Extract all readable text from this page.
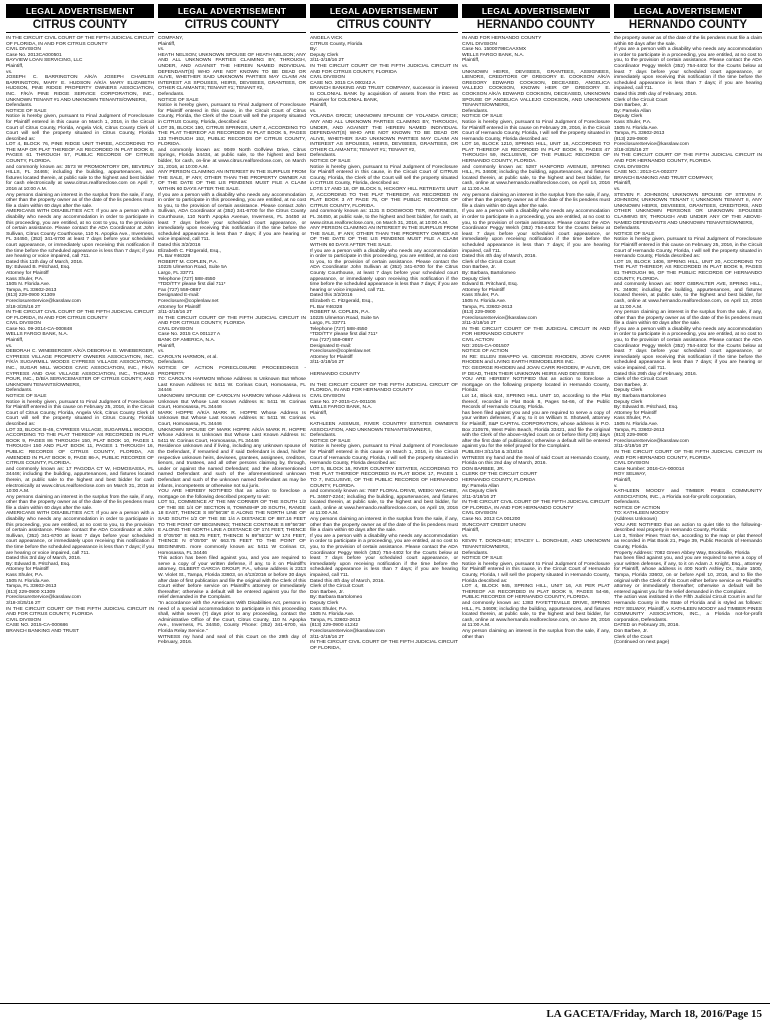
LEGAL ADVERTISEMENT
CITRUS COUNTY
IN THE CIRCUIT CIVIL COURT OF THE FIFTH JUDICIAL CIRCUIT OF FLORIDA, IN AND FOR CITRUS COUNTY
CIVIL DIVISION
Case No. 2013CA000501
BAYVIEW LOAN SERVICING, LLC
Plaintiff,
vs.
JOSEPH C. BARRINGTON A/K/A JOSEPH CHARLES BARRINGTON, MARY E. HUDSON A/K/A MARY ELIZABETH HUDSON, PINE RIDGE PROPERTY OWNERS ASSOCIATION, INC. F/K/A PINE RIDGE SERVICE CORPORATION, INC., UNKNOWN TENANT #1 AND UNKNOWN TENANTS/OWNERS,
Defendants.
NOTICE OF SALE
Notice is hereby given, pursuant to Final Judgment of Foreclosure for Plaintiff entered in this cause on March 1, 2016, in the Circuit Court of Citrus County, Florida, Angela Vick, Citrus County Clerk of Court will sell the property situated in Citrus County, Florida described as:
LOT 4, BLOCK 76, PINE RIDGE UNIT THREE, ACCORDING TO THE MAP OR PLAT THEREOF AS RECORDED IN PLAT BOOK 8, PAGES 61 THROUGH 57, PUBLIC RECORDS OF CITRUS COUNTY, FLORIDA.
and commonly known as: 3573 W PROMONTORY DR, BEVERLY HILLS, FL 34465; including the building, appurtenances, and fixtures located therein, at public sale to the highest and best bidder for cash electronically at www.citrus.realforeclose.com on April 7, 2016 at 10:00 A.M.
Any persons claiming an interest in the surplus from the sale, if any, other than the property owner as of the date of the lis pendens must file a claim within 60 days after the sale.
AMERICANS WITH DISABILITIES ACT. If you are a person with a disability who needs any accommodation in order to participate in this proceeding, you are entitled, at no cost to you, to the provision of certain assistance. Please contact the ADA Coordinator at John Sullivan, Citrus County Courthouse, 110 N. Apopka Ave., Inverness, FL 34450, (352) 341-6700 at least 7 days before your scheduled court appearance, or immediately upon receiving this notification if the time before the scheduled appearance is less than 7 days; if you are hearing or voice impaired, call 711.
Dated this 11th day of March, 2016.
By: Edward B. Pritchard, Esq.
Attorney for Plaintiff
Kass Shuler, P.A.
1505 N. Florida Ave.
Tampa, FL 33602-2613
(813) 229-0900 X1309
ForeclosureService@kasslaw.com
3/18-3/25/16 2T
IN THE CIRCUIT CIVIL COURT OF THE FIFTH JUDICIAL CIRCUIT OF FLORIDA, IN AND FOR CITRUS COUNTY
CIVIL DIVISION
Case No. 09-2014-CA-000848
WELLS FARGO BANK, N.A.
Plaintiff,
vs.
DEBORAH C. WINEBERGER A/K/A DEBORAH E. WINEBERGER, CYPRESS VILLAGE PROPERTY OWNERS ASSOCIATION, INC. F/K/A SUGARMILL WOODS CYPRESS VILLAGE ASSOCIATION, INC., SUGAR MILL WOODS CIVIC ASSOCIATION, INC., F/K/A CYPRESS AND OAK VILLAGE ASSOCIATION, INC., THOMAS POUR, INC., D/B/A SERVICEMASTER OF CITRUS COUNTY, AND UNKNOWN TENANTS/OWNERS,
Defendants.
NOTICE OF SALE
Notice is hereby given, pursuant to Final Judgment of Foreclosure for Plaintiff entered in this cause on February 25, 2016, in the Circuit Court of Citrus County, Florida, Angela Vick, Citrus County Clerk of Court will sell the property situated in Citrus County, Florida described as:
LOT 33, BLOCK B-46, CYPRESS VILLAGE, SUGARMILL WOODS, ACCORDING TO THE PLAT THEREOF AS RECORDED IN PLAT BOOK 9, PAGES 86 THROUGH 150, PLAT BOOK 10, PAGES 1 THROUGH 150 AND PLAT BOOK 11, PAGES 1 THROUGH 16, PUBLIC RECORDS OF CITRUS COUNTY, FLORIDA, AS AMENDED IN PLAT BOOK 9, PAGE 86-A, PUBLIC RECORDS OF CITRUS COUNTY, FLORIDA.
and commonly known as: 17 PAGODA CT W, HOMOSASSA, FL 34446; including the building, appurtenances, and fixtures located therein, at public sale to the highest and best bidder for cash electronically at www.citrus.realforeclose.com on March 31, 2016 at 10:00 A.M.
Any persons claiming an interest in the surplus from the sale, if any, other than the property owner as of the date of the lis pendens must file a claim within 60 days after the sale.
AMERICANS WITH DISABILITIES ACT. If you are a person with a disability who needs any accommodation in order to participate in this proceeding, you are entitled, at no cost to you, to the provision of certain assistance. Please contact the ADA Coordinator at John Sullivan, (352) 341-6700 at least 7 days before your scheduled court appearance, or immediately upon receiving this notification if the time before the scheduled appearance is less than 7 days; if you are hearing or voice impaired, call 711.
Dated this 3rd day of March, 2016.
By: Edward B. Pritchard, Esq.
Attorney for Plaintiff
Kass Shuler, P.A.
1505 N. Florida Ave.
Tampa, FL 33602-2613
(813) 229-0900 X1309
ForeclosureService@kasslaw.com
3/18-3/25/16 2T
IN THE CIRCUIT COURT OF THE FIFTH JUDICIAL CIRCUIT IN AND FOR CITRUS COUNTY, FLORIDA
CIVIL DIVISION
CASE NO. 2015-CA-000686
BRANCH BANKING AND TRUST
LEGAL ADVERTISEMENT
CITRUS COUNTY
COMPANY,
Plaintiff,
vs.
HEATH NELSON; UNKNOWN SPOUSE OF HEATH NELSON; ANY AND ALL UNKNOWN PARTIES CLAIMING BY, THROUGH, UNDER, AND AGAINST THE HEREIN NAMED INDIVIDUAL DEFENDANT(S) WHO ARE NOT KNOWN TO BE DEAD OR ALIVE, WHETHER SAID UNKNOWN PARTIES MAY CLAIM AN INTEREST AS SPOUSES, HEIRS, DEVISEES, GRANTEES, OR OTHER CLAIMANTS; TENANT #1; TENANT #2,
Defendants.
NOTICE OF SALE
Notice is hereby given, pursuant to Final Judgment of Foreclosure for Plaintiff entered in this cause, in the Circuit Court of Citrus County, Florida, the Clerk of the Court will sell the property situated in CITRUS County, Florida, described as:
LOT 35, BLOCK 190, CITRUS SPRINGS, UNIT 4, ACCORDING TO THE PLAT THEREOF AS RECORDED IN PLAT BOOK 5, PAGES 133 THROUGH 152, PUBLIC RECORDS OF CITRUS COUNTY, FLORIDA.
and commonly known as: 9049 North Golfview Drive, Citrus Springs, Florida 34434, at public sale, to the highest and best bidder, for cash, on-line at www.citrus.realforeclose.com, on March 31, 2016, at 10:00 A.M.
ANY PERSON CLAIMING AN INTEREST IN THE SURPLUS FROM THE SALE, IF ANY, OTHER THAN THE PROPERTY OWNER AS OF THE DATE OF THE LIS PENDENS MUST FILE A CLAIM WITHIN 60 DAYS AFTER THE SALE.
If you are a person with a disability who needs any accommodation in order to participate in this proceeding, you are entitled, at no cost to you, to the provision of certain assistance. Please contact John Sullivan, ADA Coordinator at (352) 341-6700 for the Citrus County Courthouse, 110 North Apopka Avenue, Inverness, FL 34450 at least 7 days before your scheduled court appearance, or immediately upon receiving this notification if the time before the scheduled appearance is less than 7 days; if you are hearing or voice impaired, call 711.
Dated this 3/2/2016
Elizabeth C. Fitzgerald, Esq.,
FL Bar #46328
ROBERT M. COPLEN, P.A.
10225 Ulmerton Road, Suite 5A
Largo, FL 33771
Telephone (727) 588-4550
*TDD/TTY please first dial 711*
Fax (727) 559-0887
Designated E-mail:
Foreclosure@coplenlaw.net
Attorney for Plaintiff
3/11-3/18/16 2T
IN THE CIRCUIT COURT OF THE FIFTH JUDICIAL CIRCUIT IN AND FOR CITRUS COUNTY, FLORIDA
CIVIL DIVISION
Case No. 2015 CA 001127 A
BANK OF AMERICA, N.A.
Plaintiff,
vs.
CAROLYN HARMON, et al.
Defendants.
NOTICE OF ACTION FORECLOSURE PROCEEDINGS - PROPERTY
TO: CAROLYN HARMON Whose Address Is Unknown But Whose Last Known Address Is: 5411 W. Corinas Court, Homosassa, FL 34446
UNKNOWN SPOUSE OF CAROLYN HARMON Whose Address Is Unknown But Whose Last Known Address Is: 5411 W. Corinas Court, Homosassa, FL 34446
MARK HOPPE A/K/A MARK R. HOPPE Whose Address Is Unknown But Whose Last Known Address Is: 5411 W. Corinas Court, Homosassa, FL 34446
UNKNOWN SPOUSE OF MARK HOPPE A/K/A MARK R. HOPPE Whose Address Is Unknown But Whose Last Known Address Is: 5411 W. Corinas Court, Homosassa, FL 34446
Residence unknown and if living, including any unknown spouse of the Defendant, if remarried and if said Defendant is dead, his/her respective unknown heirs, devisees, grantees, assignees, creditors, lienors, and trustees, and all other persons claiming by, through, under or against the named Defendant; and the aforementioned named Defendant and such of the aforementioned unknown Defendant and such of the unknown named Defendant as may be infants, incompetents or otherwise not sui juris.
YOU ARE HEREBY NOTIFIED that an action to foreclose a mortgage on the following described property to wit:
LOT 51, COMMENCE AT THE NW CORNER OF THE SOUTH 1/2 OF THE SE 1/4 OF SECTION 8, TOWNSHIP 20 SOUTH, RANGE 18 EAST, THENCE S 89°56'36" E ALONG THE NORTH LINE OF SAID SOUTH 1/2 OF THE SE 1/4 A DISTANCE OF 887.16 FEET TO THE POINT OF BEGINNING; THENCE CONTINUE S 89°56'36" E ALONG THE NORTH LINE A DISTANCE OF 174 FEET, THENCE S 0°05'00" E 663.75 FEET, THENCE N 89°55'22" W 174 FEET, THENCE N 0°05'00" W 663.75 FEET TO THE POINT OF BEGINNING. more commonly known as: 5411 W Corinas Ct, Homosassa, FL 34446
This action has been filed against you, and you are required to serve a copy of your written defense, if any, to it on Plaintiff's attorney, GILBERT GARCIA GROUP, P.A., whose address is 2313 W. Violet St., Tampa, Florida 33603, on 4/13/2016 or before 30 days after date of first publication and file the original with the Clerk of this Court either before service on Plaintiff's attorney or immediately thereafter; otherwise a default will be entered against you for the relief demanded in the Complaint.
"In accordance with the Americans With Disabilities Act, persons in need of a special accommodation to participate in this proceeding shall, within seven (7) days prior to any proceeding, contact the Administrative Office of the Court, Citrus County, 110 N. Apopka Ave., Inverness, FL 34450, County Phone: (352) 341-6700, via Florida Relay Service."
WITNESS my hand and seal of this Court on the 29th day of February, 2016.
LEGAL ADVERTISEMENT
CITRUS COUNTY
ANGELA VICK
CITRUS County, Florida
By:
Deputy Clerk
3/11-3/18/16 2T
IN THE CIRCUIT COURT OF THE FIFTH JUDICIAL CIRCUIT IN AND FOR CITRUS COUNTY, FLORIDA
CIVIL DIVISION
CASE NO. 2015 CA 000242 A
BRANCH BANKING AND TRUST COMPANY, successor in interest to COLONIAL BANK by acquisition of assets from the FDIC as Receiver for COLONIAL BANK,
Plaintiff,
vs.
YOLANDA GRICE; UNKNOWN SPOUSE OF YOLANDA GRICE; ANY AND ALL UNKNOWN PARTIES CLAIMING BY, THROUGH, UNDER, AND AGAINST THE HEREIN NAMED INDIVIDUAL DEFENDANT(S) WHO ARE NOT KNOWN TO BE DEAD OR ALIVE, WHETHER SAID UNKNOWN PARTIES MAY CLAIM AN INTEREST AS SPOUSES, HEIRS, DEVISEES, GRANTEES, OR OTHER CLAIMANTS; TENANT #1; TENANT #2,
Defendants.
NOTICE OF SALE
Notice is hereby given, pursuant to Final Judgment of Foreclosure for Plaintiff entered in this cause, in the Circuit Court of CITRUS County, Florida, the Clerk of the Court will sell the property situated in CITRUS County, Florida, described as:
LOTS 17 AND 18, OF BLOCK 5, HICKORY HILL RETREATS UNIT 2, ACCORDING TO THE PLAT THEREOF, AS RECORDED IN PLAT BOOK 3 AT PAGE 75, OF THE PUBLIC RECORDS OF CITRUS COUNTY, FLORIDA.
and commonly known as: 1131 S DOGWOOD TER, INVERNESS, FL 34450, at public sale, to the highest and best bidder, for cash, at www.citrus.realforeclose.com, on March 31, 2016, at 10:00 A.M.
ANY PERSON CLAIMING AN INTEREST IN THE SURPLUS FROM THE SALE, IF ANY, OTHER THAN THE PROPERTY OWNER AS OF THE DATE OF THE LIS PENDENS MUST FILE A CLAIM WITHIN 60 DAYS AFTER THE SALE.
If you are a person with a disability who needs any accommodation in order to participate in this proceeding, you are entitled, at no cost to you, to the provision of certain assistance. Please contact the ADA Coordinator John Sullivan at (352) 341-6700 for the Citrus County Courthouse, at least 7 days before your scheduled court appearance, or immediately upon receiving this notification if the time before the scheduled appearance is less than 7 days; if you are hearing or voice impaired, call 711.
Dated this 3/2/2016
Elizabeth C. Fitzgerald, Esq.,
FL Bar #46328
ROBERT M. COPLEN, P.A.
10225 Ulmerton Road, Suite 5A
Largo, FL 33771
Telephone (727) 588-4550
*TDD/TTY please first dial 711*
Fax (727) 559-0887
Designated E-mail:
Foreclosure@coplenlaw.net
Attorney for Plaintiff
3/11-3/18/16 2T

HERNANDO COUNTY

IN THE CIRCUIT COURT OF THE FIFTH JUDICIAL CIRCUIT OF FLORIDA, IN AND FOR HERNANDO COUNTY
CIVIL DIVISION
Case No. 27-2015-CA-001106
WELLS FARGO BANK, N.A.
Plaintiff,
vs.
KATHLEEN ASSMUS, RIVER COUNTRY ESTATES OWNER'S ASSOCIATION, AND UNKNOWN TENANTS/OWNERS,
Defendants.
NOTICE OF SALE
Notice is hereby given, pursuant to Final Judgment of Foreclosure for Plaintiff entered in this cause on March 1, 2016, in the Circuit Court of Hernando County, Florida, I will sell the property situated in Hernando County, Florida described as:
LOT 5, BLOCK 16, RIVER COUNTRY ESTATES, ACCORDING TO THE PLAT THEREOF RECORDED IN PLAT BOOK 17, PAGES 1 TO 7, INCLUSIVE, OF THE PUBLIC RECORDS OF HERNANDO COUNTY, FLORIDA.
and commonly known as: 7687 FLORAL DRIVE, WEEKI WACHEE, FL 34607-2244; including the building, appurtenances, and fixtures located therein, at public sale, to the highest and best bidder, for cash, online at www.hernando.realforeclose.com, on April 19, 2016 at 11:00 A.M.
Any persons claiming an interest in the surplus from the sale, if any, other than the property owner as of the date of the lis pendens must file a claim within 60 days after the sale.
If you are a person with a disability who needs any accommodation in order to participate in a proceeding, you are entitled, at no cost to you, to the provision of certain assistance. Please contact the ADA Coordinator Peggy Welch (352) 754-4402 for the Courts below at least 7 days before your scheduled court appearance, or immediately upon receiving notification if the time before the scheduled appearance is less than 7 days; if you are hearing impaired, call 711.
Dated this 4th day of March, 2016.
Clerk of the Circuit Court
Don Barbee, Jr.
By: Barbara Bartolomeo
Deputy Clerk
Kass Shuler, P.A.
1505 N. Florida Ave.
Tampa, FL 33602-2613
(813) 229-0900 x1242
ForeclosureService@kasslaw.com
3/11-3/18/16 2T
IN THE CIRCUIT CIVIL COURT OF THE FIFTH JUDICIAL CIRCUIT OF FLORIDA,
LEGAL ADVERTISEMENT
HERNANDO COUNTY
IN AND FOR HERNANDO COUNTY
CIVIL DIVISION
Case No. 15000798CAAXMX
WELLS FARGO BANK, N.A.
Plaintiff,
vs.
UNKNOWN HEIRS, DEVISEES, GRANTEES, ASSIGNEES, LIENORS, CREDITORS OF GREGORY E. COOKSON A/K/A GREGORY EDWARD COOKSON, DECEASED, ANGELICA VALLEJO COOKSON, KNOWN HEIR OF GREGORY E. COOKSON A/K/A EDWARD COOKSON, DECEASED, UNKNOWN SPOUSE OF ANGELICA VALLEJO COOKSON, AND UNKNOWN TENANTS/OWNERS,
Defendants.
NOTICE OF SALE
Notice is hereby given, pursuant to Final Judgment of Foreclosure for Plaintiff entered in this cause on February 29, 2016, in the Circuit Court of Hernando County, Florida, I will sell the property situated in Hernando County, Florida described as:
LOT 16, BLOCK 1210, SPRING HILL, UNIT 18, ACCORDING TO PLAT THEREOF AS RECORDED IN PLAT BOOK 9, PAGES 47 THROUGH 59, INCLUSIVE, OF THE PUBLIC RECORDS OF HERNANDO COUNTY, FLORIDA.
and commonly known as: 5287 HANFORD AVENUE, SPRING HILL, FL 34608; including the building, appurtenances, and fixtures located therein, at public sale, to the highest and best bidder, for cash, online at www.hernando.realforeclose.com, on April 14, 2016 at 11:00 A.M.
Any persons claiming an interest in the surplus from the sale, if any, other than the property owner as of the date of the lis pendens must file a claim within 60 days after the sale.
If you are a person with a disability who needs any accommodation in order to participate in a proceeding, you are entitled, at no cost to you, to the provision of certain assistance. Please contact the ADA Coordinator Peggy Welch (352) 754-4402 for the Courts below at least 7 days before your scheduled court appearance, or immediately upon receiving notification if the time before the scheduled appearance is less than 7 days; if you are hearing impaired, call 711.
Dated this 4th day of March, 2016.
Clerk of the Circuit Court
Don Barbee, Jr.
By: Barbara, Bartolomeo
Deputy Clerk
Edward B. Pritchard, Esq.
Attorney for Plaintiff
Kass Shuler, P.A.
1505 N. Florida Ave.
Tampa, FL 33602-2613
(813) 229-0900
ForeclosureService@kasslaw.com
3/11-3/18/16 2T
IN THE CIRCUIT COURT OF THE JUDICIAL CIRCUIT IN AND FOR HERNANDO COUNTY
CIVIL ACTION
NO: 2015-CA-001507
NOTICE OF ACTION
IN RE: ELLEN SWAPPO vs. GEORGE RHODEN, JOAN CARR RHODEN and LIVING EARTH REMODELERS INC.
TO: GEORGE RHODEN and JOAN CARR RHODEN, IF ALIVE, OR IF DEAD, THEN THEIR UNKNOWN HEIRS AND DEVISEES
YOU ARE HEREBY NOTIFIED that an action to foreclose a mortgage on the following property located in Hernando County, Florida:
Lot 14, Block 624, SPRING HILL UNIT 10, according to the Plat thereof, recorded in Plat Book 8, Pages 54-66, of the Public Records of Hernando County, Florida.
has been filed against you and you are required to serve a copy of your written defenses, if any, to it on William S. Shotwell, attorney for Plaintiff, S&P CAPITAL CORPORATION, whose address is P.O. Box 210576, West Palm Beach, Florida 33421, and file the original with the Clerk of the above-styled court on or before thirty (30) days after the first date of publication; otherwise a default will be entered against you for the relief prayed for the Complaint.
PUBLISH 3/11/16 & 3/18/16
WITNESS my hand and the Seal of said Court at Hernando County, Florida on this 2nd day of March, 2016.
DON BARBEE, JR.
CLERK OF THE CIRCUIT COURT
HERNANDO COUNTY, FLORIDA
By: Pamela Allan
As Deputy Clerk
3/11-3/18/16 2T
IN THE CIRCUIT CIVIL COURT OF THE FIFTH JUDICIAL CIRCUIT OF FLORIDA, IN AND FOR HERNANDO COUNTY
CIVIL DIVISION
Case No. 2013 CA 001200
SUNCOAST CREDIT UNION
Plaintiff,
vs.
KEVIN T. DONOHUE; STACEY L. DONOHUE, AND UNKNOWN TENANTS/OWNERS,
Defendants.
NOTICE OF SALE
Notice is hereby given, pursuant to Final Judgment of Foreclosure for Plaintiff entered in this cause, in the Circuit Court of Hernando County, Florida, I will sell the property situated in Hernando County, Florida described as:
LOT 4, BLOCK 945, SPRING HILL, UNIT 16, AS PER PLAT THEREOF AS RECORDED IN PLAT BOOK 9, PAGES 54-66, PUBLIC RECORDS OF HERNANDO COUNTY, FLORIDA.
and commonly known as: 1383 FAYETTEVILLE DRIVE, SPRING HILL, FL 34609; including the building, appurtenances, and fixtures located therein, at public sale, to the highest and best bidder, for cash, online at www.hernando.realforeclose.com, on June 28, 2016 at 11:00 A.M.
Any person claiming an interest in the surplus from the sale, if any, other than
LEGAL ADVERTISEMENT
HERNANDO COUNTY
the property owner as of the date of the lis pendens must file a claim within 60 days after the sale.
If you are a person with a disability who needs any accommodation in order to participate in a proceeding, you are entitled, at no cost to you, to the provision of certain assistance. Please contact the ADA Coordinator Peggy Welch (352) 754-4402 for the Courts below at least 7 days before your scheduled court appearance, or immediately upon receiving this notification if the time before the scheduled appearance is less than 7 days; if you are hearing impaired, call 711.
Dated this 29th day of February, 2016.
Clerk of the Circuit Court
Don Barbee, Jr.
By: Pamela Allan
Deputy Clerk
Kass Shuler, P.A.
1505 N. Florida Ave.
Tampa, FL 33602-2613
(813) 229-0900
ForeclosureService@kasslaw.com
3/18-3/25/16 2T
IN THE CIRCUIT COURT OF THE FIFTH JUDICIAL CIRCUIT IN AND FOR HERNANDO COUNTY, FLORIDA
CIVIL DIVISION
CASE NO.: 2013-CA-002377
BRANCH BANKING AND TRUST COMPANY,
Plaintiff,
vs.
STEVEN F. JOHNSON; UNKNOWN SPOUSE OF STEVEN F. JOHNSON; UNKNOWN TENANT I; UNKNOWN TENANT II, ANY UNKNOWN HEIRS, DEVISEES, GRANTEES, CREDITORS, AND OTHER UNKNOWN PERSONS OR UNKNOWN SPOUSES CLAIMING BY, THROUGH AND UNDER ANY OF THE ABOVE-NAMED DEFENDANTS AND UNKNOWN TENANTS/OWNERS,
Defendants.
NOTICE OF SALE
Notice is hereby given, pursuant to Final Judgment of Foreclosure for Plaintiff entered in this cause on February 25, 2016, in the Circuit Court of Hernando County, Florida, I will sell the property situated in Hernando County, Florida described as:
LOT 19, BLOCK 1406, SPRING HILL, UNIT 20, ACCORDING TO THE PLAT THEREOF, AS RECORDED IN PLAT BOOK 9, PAGES 81 THROUGH 96, OF THE PUBLIC RECORDS OF HERNANDO COUNTY, FLORIDA.
and commonly known as: 9007 GIBRALTER AVE, SPRING HILL, FL 34608; including the building, appurtenances, and fixtures located therein, at public sale, to the highest and best bidder, for cash, online at www.hernando.realforeclose.com, on April 12, 2016 at 11:00 A.M.
Any person claiming an interest in the surplus from the sale, if any, other than the property owner as of the date of the lis pendens must file a claim within 60 days after the sale.
If you are a person with a disability who needs any accommodation in order to participate in a proceeding, you are entitled, at no cost to you, to the provision of certain assistance. Please contact the ADA Coordinator Peggy Welch (352) 754-4402 for the Courts below at least 7 days before your scheduled court appearance, or immediately upon receiving this notification if the time before the scheduled appearance is less than 7 days; if you are hearing or voice impaired, call 711.
Dated this 29th day of February, 2016.
Clerk of the Circuit Court
Don Barbee, Jr.
Deputy Clerk
By: Barbara Bartolomeo
Deputy Clerk
By: Edward B. Pritchard, Esq.
Attorney for Plaintiff
Kass Shuler, P.A.
1505 N. Florida Ave.
Tampa, FL 33602-2613
(813) 229-0900
ForeclosureService@kasslaw.com
3/11-3/18/16 2T
IN THE CIRCUIT COURT OF THE FIFTH JUDICIAL CIRCUIT IN AND FOR HERNANDO COUNTY, FLORIDA
CIVIL DIVISION
Case Number: 2016-CA-000014
ROY SELWAY,
Plaintiff,
v.
KATHLEEN MOODY and TIMBER PINES COMMUNITY ASSOCIATION, INC., a Florida not-for-profit corporation,
Defendants.
NOTICE OF ACTION
TO: KATHLEEN MOODY
(Address Unknown)
YOU ARE NOTIFIED that an action to quiet title to the following-described real property in Hernando County, Florida:
Lot 3, Timber Pines Tract 6A, according to the map or plat thereof as recorded in Plat Book 21, Page 39, Public Records of Hernando County, Florida.
Property Address: 7082 Green Abbey Way, Brooksville, Florida
has been filed against you, and you are required to serve a copy of your written defenses, if any, to it on Adam J. Knight, Esq., attorney for Plaintiff, whose address is 400 North Ashley Dr., Suite 1500, Tampa, Florida 33602, on or before April 10, 2016, and to file the original with the Clerk of this Court either before service on Plaintiff's attorney or immediately thereafter; otherwise a default will be entered against you for the relief demanded in the Complaint.
The action was instituted in the Fifth Judicial Circuit Court in and for Hernando County in the State of Florida and is styled as follows: ROY SELWAY, Plaintiff, v. KATHLEEN MOODY and TIMBER PINES COMMUNITY ASSOCIATION, INC., a Florida not-for-profit corporation, Defendants.
DATED on February 25, 2016.
Don Barbee, Jr.
Clerk of the Court
(Continued on next page)
LA GACETA/Friday, March 18, 2016/Page 15
